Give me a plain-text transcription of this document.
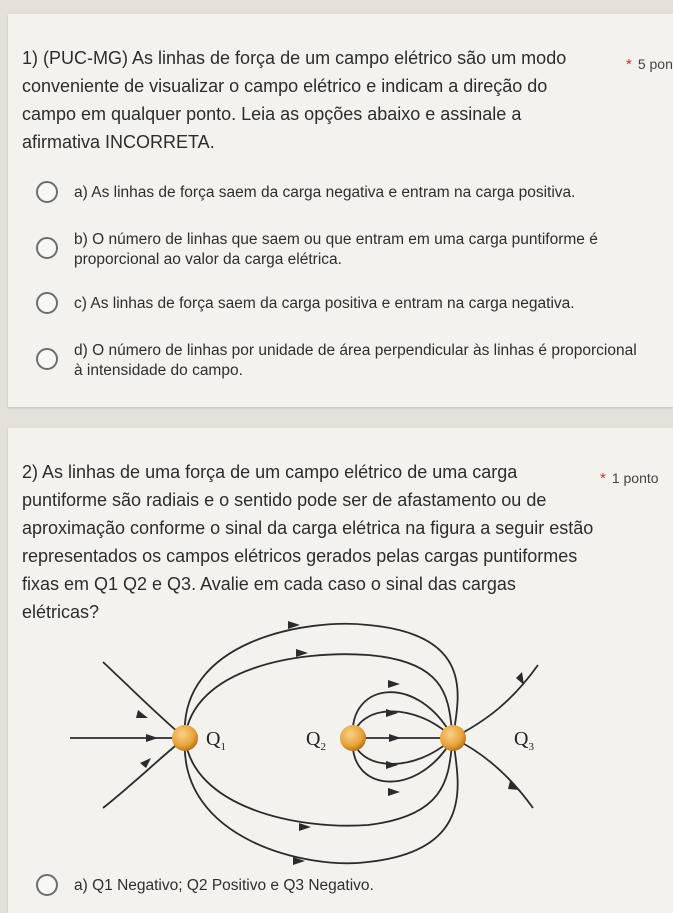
1) (PUC-MG) As linhas de força de um campo elétrico são um modo conveniente de visualizar o campo elétrico e indicam a direção do campo em qualquer ponto. Leia as opções abaixo e assinale a afirmativa INCORRETA.
* 5 pon
a) As linhas de força saem da carga negativa e entram na carga positiva.
b) O número de linhas que saem ou que entram em uma carga puntiforme é proporcional ao valor da carga elétrica.
c) As linhas de força saem da carga positiva e entram na carga negativa.
d) O número de linhas por unidade de área perpendicular às linhas é proporcional à intensidade do campo.
2) As linhas de uma força de um campo elétrico de uma carga puntiforme são radiais e o sentido pode ser de afastamento ou de aproximação conforme o sinal da carga elétrica na figura a seguir estão representados os campos elétricos gerados pelas cargas puntiformes fixas em Q1 Q2 e Q3. Avalie em cada caso o sinal das cargas elétricas?
* 1 ponto
$Q_1$	$Q_2$	$Q_3$
a) Q1 Negativo; Q2 Positivo e Q3 Negativo.
